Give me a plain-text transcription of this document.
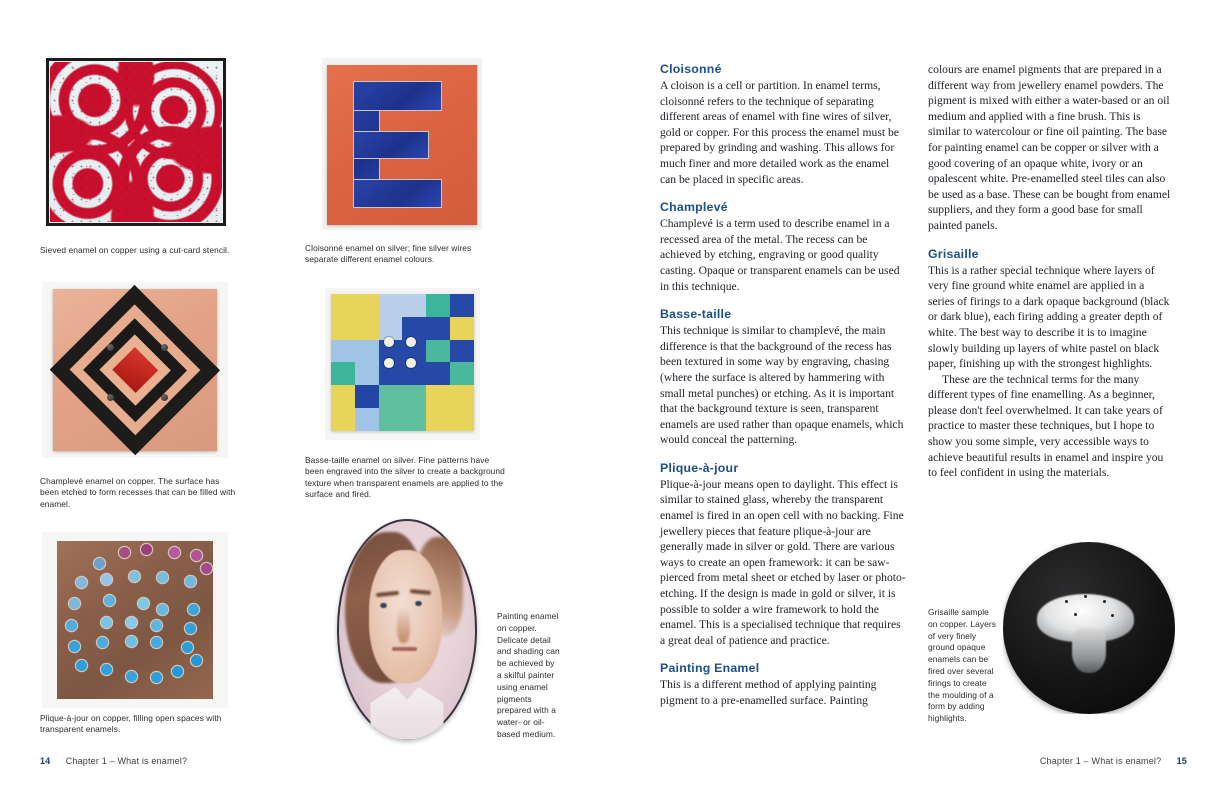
Sieved enamel on copper using a cut-card stencil.
Champlevé enamel on copper. The surface has been etched to form recesses that can be filled with enamel.
Plique-à-jour on copper, filling open spaces with transparent enamels.
Cloisonné enamel on silver; fine silver wires separate different enamel colours.
Basse-taille enamel on silver. Fine patterns have been engraved into the silver to create a background texture when transparent enamels are applied to the surface and fired.
Painting enamel on copper. Delicate detail and shading can be achieved by a skilful painter using enamel pigments prepared with a water- or oil-based medium.
14 Chapter 1 – What is enamel?
Cloisonné

A cloison is a cell or partition. In enamel terms, cloisonné refers to the technique of separating different areas of enamel with fine wires of silver, gold or copper. For this process the enamel must be prepared by grinding and washing. This allows for much finer and more detailed work as the enamel can be placed in specific areas.

Champlevé

Champlevé is a term used to describe enamel in a recessed area of the metal. The recess can be achieved by etching, engraving or good quality casting. Opaque or transparent enamels can be used in this technique.

Basse-taille

This technique is similar to champlevé, the main difference is that the background of the recess has been textured in some way by engraving, chasing (where the surface is altered by hammering with small metal punches) or etching. As it is important that the background texture is seen, transparent enamels are used rather than opaque enamels, which would conceal the patterning.

Plique-à-jour

Plique-à-jour means open to daylight. This effect is similar to stained glass, whereby the transparent enamel is fired in an open cell with no backing. Fine jewellery pieces that feature plique-à-jour are generally made in silver or gold. There are various ways to create an open framework: it can be saw-pierced from metal sheet or etched by laser or photo-etching. If the design is made in gold or silver, it is possible to solder a wire framework to hold the enamel. This is a specialised technique that requires a great deal of patience and practice.

Painting Enamel

This is a different method of applying painting pigment to a pre-enamelled surface. Painting

colours are enamel pigments that are prepared in a different way from jewellery enamel powders. The pigment is mixed with either a water-based or an oil medium and applied with a fine brush. This is similar to watercolour or fine oil painting. The base for painting enamel can be copper or silver with a good covering of an opaque white, ivory or an opalescent white. Pre-enamelled steel tiles can also be used as a base. These can be bought from enamel suppliers, and they form a good base for small painted panels.

Grisaille

This is a rather special technique where layers of very fine ground white enamel are applied in a series of firings to a dark opaque background (black or dark blue), each firing adding a greater depth of white. The best way to describe it is to imagine slowly building up layers of white pastel on black paper, finishing up with the strongest highlights.

These are the technical terms for the many different types of fine enamelling. As a beginner, please don't feel overwhelmed. It can take years of practice to master these techniques, but I hope to show you some simple, very accessible ways to achieve beautiful results in enamel and inspire you to feel confident in using the materials.

Grisaille sample on copper. Layers of very finely ground opaque enamels can be fired over several firings to create the moulding of a form by adding highlights.
Chapter 1 – What is enamel? 15
